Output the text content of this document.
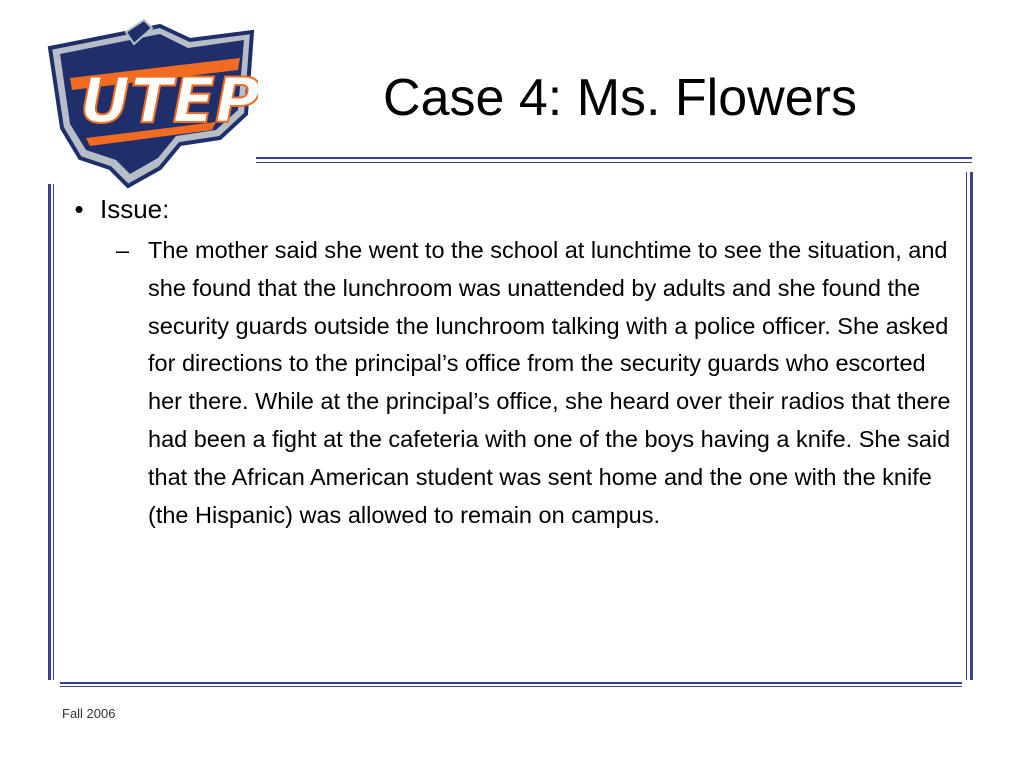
UTEP	Case 4: Ms. Flowers
• Issue:
– The mother said she went to the school at lunchtime to see the situation, and she found that the lunchroom was unattended by adults and she found the security guards outside the lunchroom talking with a police officer. She asked for directions to the principal’s office from the security guards who escorted her there. While at the principal’s office, she heard over their radios that there had been a fight at the cafeteria with one of the boys having a knife. She said that the African American student was sent home and the one with the knife (the Hispanic) was allowed to remain on campus.
Fall 2006
